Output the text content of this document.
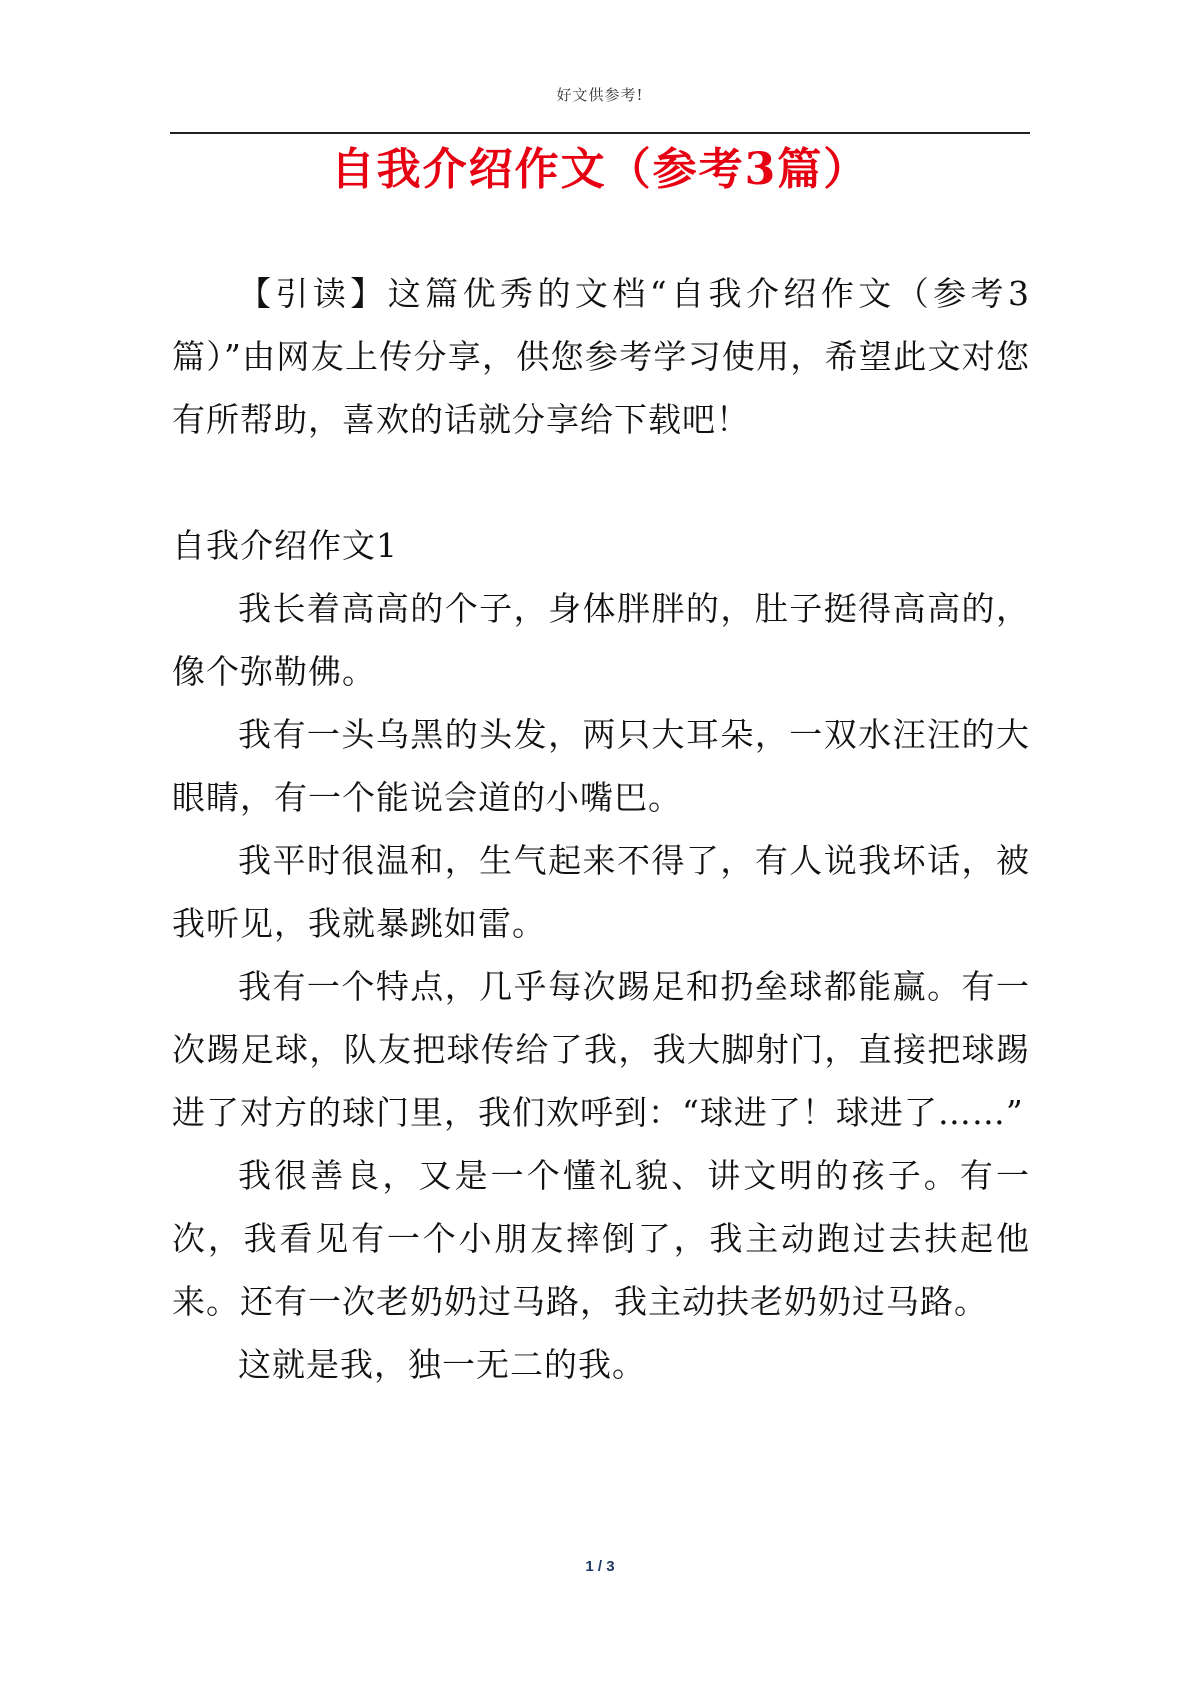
好文供参考!
自我介绍作文（参考3篇）

【引读】这篇优秀的文档“自我介绍作文（参考3篇）”由网友上传分享，供您参考学习使用，希望此文对您有所帮助，喜欢的话就分享给下载吧！

自我介绍作文1

我长着高高的个子，身体胖胖的，肚子挺得高高的，像个弥勒佛。

我有一头乌黑的头发，两只大耳朵，一双水汪汪的大眼睛，有一个能说会道的小嘴巴。

我平时很温和，生气起来不得了，有人说我坏话，被我听见，我就暴跳如雷。

我有一个特点，几乎每次踢足和扔垒球都能赢。有一次踢足球，队友把球传给了我，我大脚射门，直接把球踢进了对方的球门里，我们欢呼到：“球进了！球进了……”

我很善良，又是一个懂礼貌、讲文明的孩子。有一次，我看见有一个小朋友摔倒了，我主动跑过去扶起他来。还有一次老奶奶过马路，我主动扶老奶奶过马路。

这就是我，独一无二的我。

1 / 3
